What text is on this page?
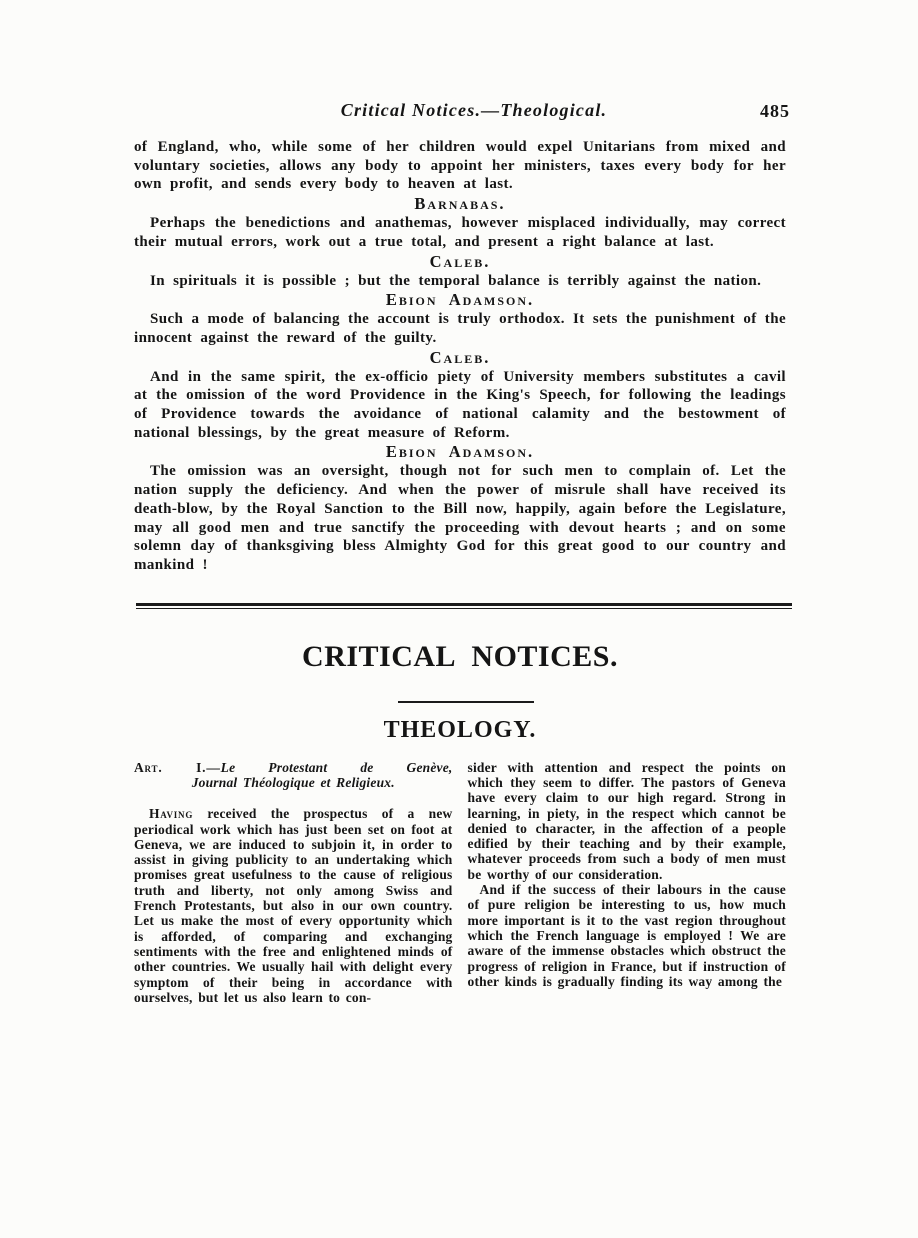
Critical Notices.—Theological.	485

of England, who, while some of her children would expel Unitarians from mixed and voluntary societies, allows any body to appoint her ministers, taxes every body for her own profit, and sends every body to heaven at last.

Barnabas.

Perhaps the benedictions and anathemas, however misplaced individually, may correct their mutual errors, work out a true total, and present a right balance at last.

Caleb.

In spirituals it is possible ; but the temporal balance is terribly against the nation.

Ebion Adamson.

Such a mode of balancing the account is truly orthodox. It sets the punishment of the innocent against the reward of the guilty.

Caleb.

And in the same spirit, the ex-officio piety of University members substitutes a cavil at the omission of the word Providence in the King's Speech, for following the leadings of Providence towards the avoidance of national calamity and the bestowment of national blessings, by the great measure of Reform.

Ebion Adamson.

The omission was an oversight, though not for such men to complain of. Let the nation supply the deficiency. And when the power of misrule shall have received its death-blow, by the Royal Sanction to the Bill now, happily, again before the Legislature, may all good men and true sanctify the proceeding with devout hearts ; and on some solemn day of thanksgiving bless Almighty God for this great good to our country and mankind !

CRITICAL NOTICES.
THEOLOGY.
Art. I.—Le Protestant de Genève,
Journal Théologique et Religieux.

Having received the prospectus of a new periodical work which has just been set on foot at Geneva, we are induced to subjoin it, in order to assist in giving publicity to an undertaking which promises great usefulness to the cause of religious truth and liberty, not only among Swiss and French Protestants, but also in our own country. Let us make the most of every opportunity which is afforded, of comparing and exchanging sentiments with the free and enlightened minds of other countries. We usually hail with delight every symptom of their being in accordance with ourselves, but let us also learn to con-

sider with attention and respect the points on which they seem to differ. The pastors of Geneva have every claim to our high regard. Strong in learning, in piety, in the respect which cannot be denied to character, in the affection of a people edified by their teaching and by their example, whatever proceeds from such a body of men must be worthy of our consideration.

And if the success of their labours in the cause of pure religion be interesting to us, how much more important is it to the vast region throughout which the French language is employed ! We are aware of the immense obstacles which obstruct the progress of religion in France, but if instruction of other kinds is gradually finding its way among the
